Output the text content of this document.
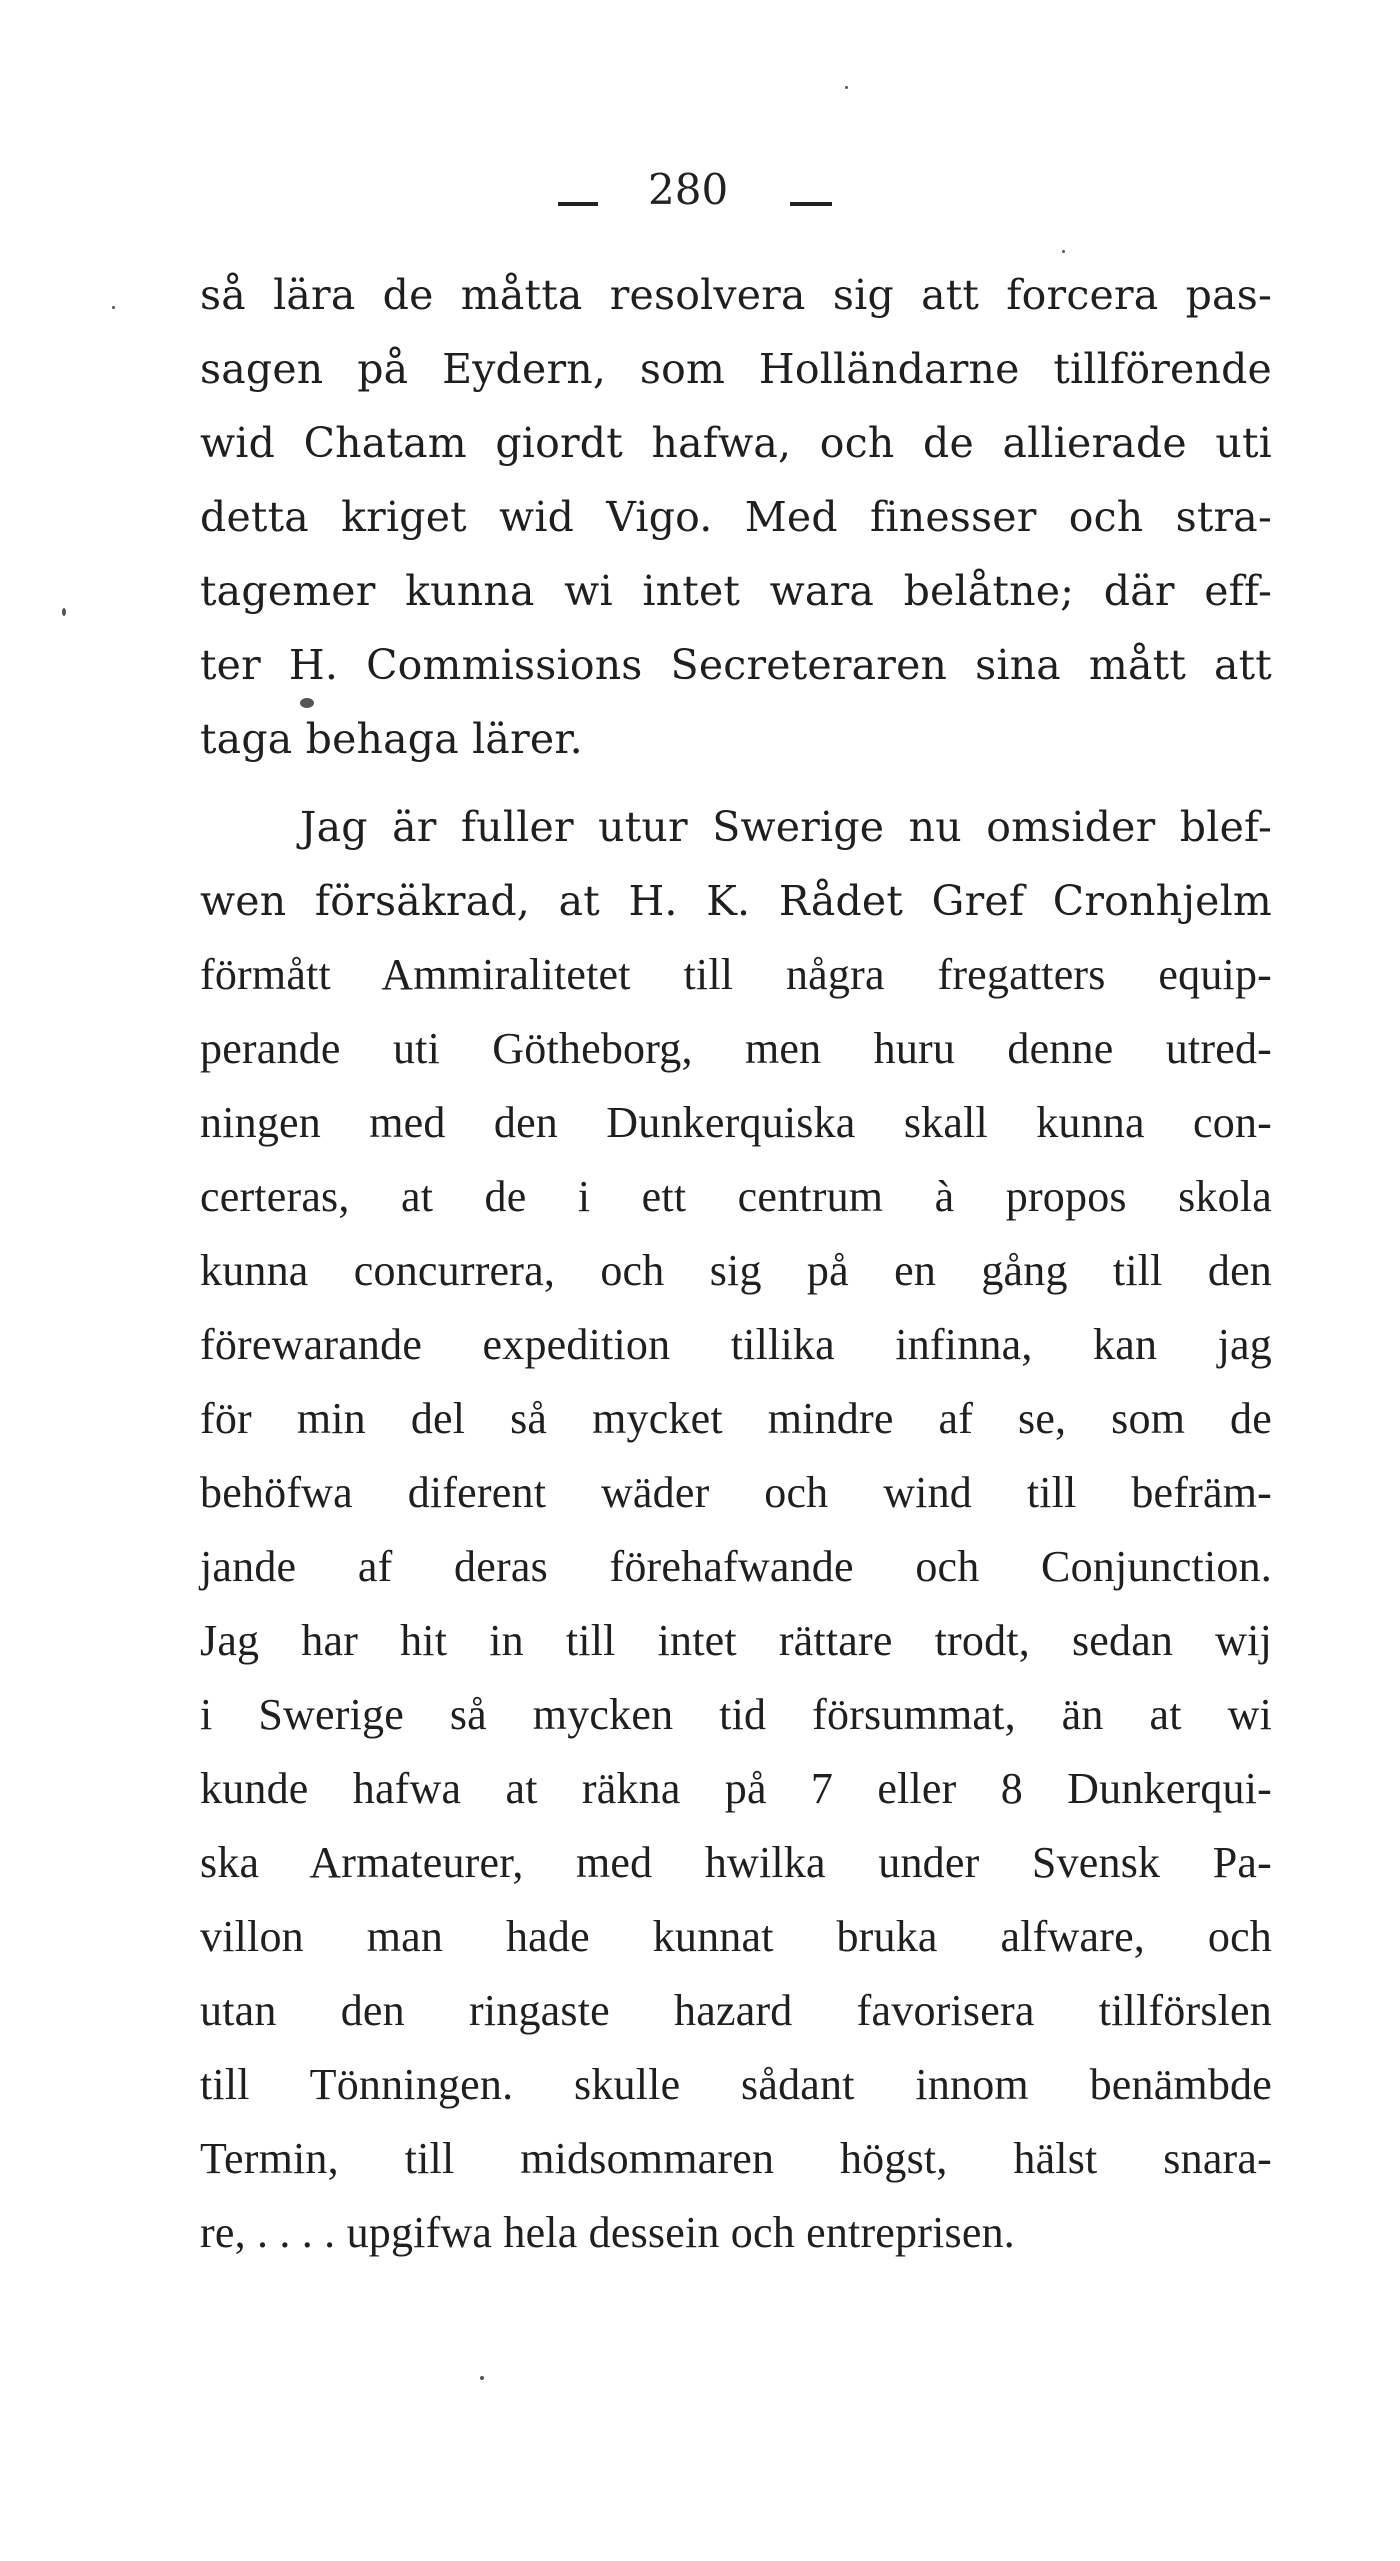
280
så lära de måtta resolvera sig att forcera pas-
sagen på Eydern, som Holländarne tillförende
wid Chatam giordt hafwa, och de allierade uti
detta kriget wid Vigo. Med finesser och stra-
tagemer kunna wi intet wara belåtne; där eff-
ter H. Commissions Secreteraren sina mått att
taga behaga lärer.
Jag är fuller utur Swerige nu omsider blef-
wen försäkrad, at H. K. Rådet Gref Cronhjelm
förmått Ammiralitetet till några fregatters equip-
perande uti Götheborg, men huru denne utred-
ningen med den Dunkerquiska skall kunna con-
certeras, at de i ett centrum à propos skola
kunna concurrera, och sig på en gång till den
förewarande expedition tillika infinna, kan jag
för min del så mycket mindre af se, som de
behöfwa diferent wäder och wind till befräm-
jande af deras förehafwande och Conjunction.
Jag har hit in till intet rättare trodt, sedan wij
i Swerige så mycken tid försummat, än at wi
kunde hafwa at räkna på 7 eller 8 Dunkerqui-
ska Armateurer, med hwilka under Svensk Pa-
villon man hade kunnat bruka alfware, och
utan den ringaste hazard favorisera tillförslen
till Tönningen. skulle sådant innom benämbde
Termin, till midsommaren högst, hälst snara-
re, . . . . upgifwa hela dessein och entreprisen.
